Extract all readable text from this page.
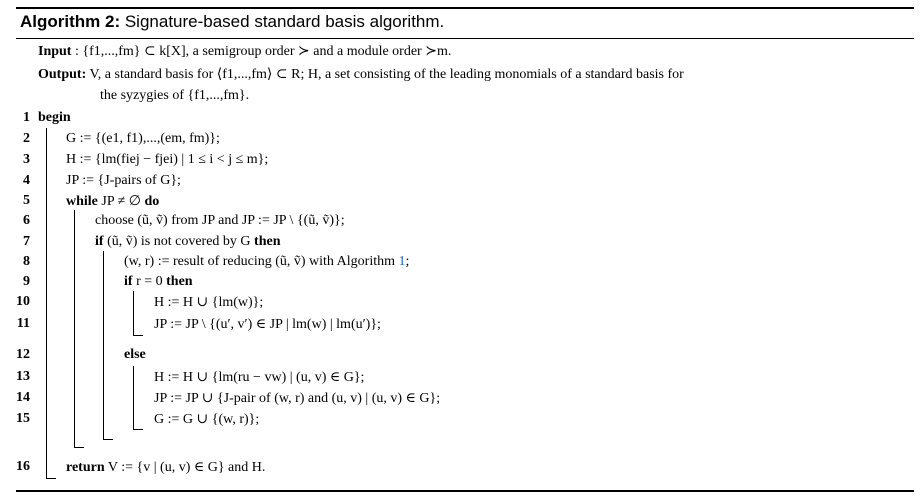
Algorithm 2: Signature-based standard basis algorithm.
Input : {f1,...,fm} ⊂ k[X], a semigroup order ≻ and a module order ≻m.
Output: V, a standard basis for ⟨f1,...,fm⟩ ⊂ R; H, a set consisting of the leading monomials of a standard basis for
the syzygies of {f1,...,fm}.
1
2
3
4
5
6
7
8
9
10
11
12
13
14
15
16
begin
G := {(e1, f1),...,(em, fm)};
H := {lm(fiej − fjei) | 1 ≤ i < j ≤ m};
JP := {J-pairs of G};
while JP ≠ ∅ do
choose (ũ, ṽ) from JP and JP := JP \ {(ũ, ṽ)};
if (ũ, ṽ) is not covered by G then
(w, r) := result of reducing (ũ, ṽ) with Algorithm 1;
if r = 0 then
H := H ∪ {lm(w)};
JP := JP \ {(u′, v′) ∈ JP | lm(w) | lm(u′)};
else
H := H ∪ {lm(ru − vw) | (u, v) ∈ G};
JP := JP ∪ {J-pair of (w, r) and (u, v) | (u, v) ∈ G};
G := G ∪ {(w, r)};
return V := {v | (u, v) ∈ G} and H.
